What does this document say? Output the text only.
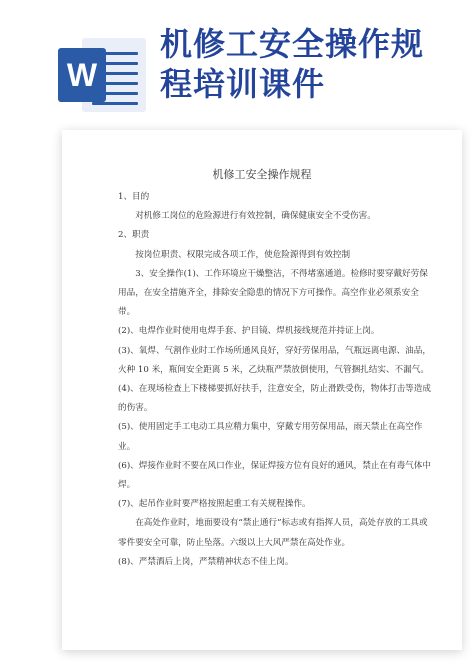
W
机修工安全操作规
程培训课件
机修工安全操作规程

1、目的

对机修工岗位的危险源进行有效控制，确保健康安全不受伤害。

2、职责

按岗位职责、权限完成各项工作，使危险源得到有效控制

3、安全操作(1)、工作环境应干燥整洁，不得堵塞通道。检修时要穿戴好劳保用品，在安全措施齐全，排除安全隐患的情况下方可操作。高空作业必须系安全带。

(2)、电焊作业时使用电焊手套、护目镜、焊机接线规范并持证上岗。

(3)、氧焊、气割作业时工作场所通风良好，穿好劳保用品，气瓶远离电源、油品，火种 10 米，瓶间安全距离 5 米，乙炔瓶严禁放倒使用，气管捆扎结实、不漏气。

(4)、在现场检查上下楼梯要抓好扶手，注意安全，防止滑跌受伤，物体打击等造成的伤害。

(5)、使用固定手工电动工具应精力集中，穿戴专用劳保用品，雨天禁止在高空作业。

(6)、焊接作业时不要在风口作业，保证焊接方位有良好的通风，禁止在有毒气体中焊。

(7)、起吊作业时要严格按照起重工有关规程操作。

在高处作业时，地面要设有“禁止通行”标志或有指挥人员，高处存放的工具或零件要安全可靠，防止坠落。六级以上大风严禁在高处作业。

(8)、严禁酒后上岗，严禁精神状态不佳上岗。
